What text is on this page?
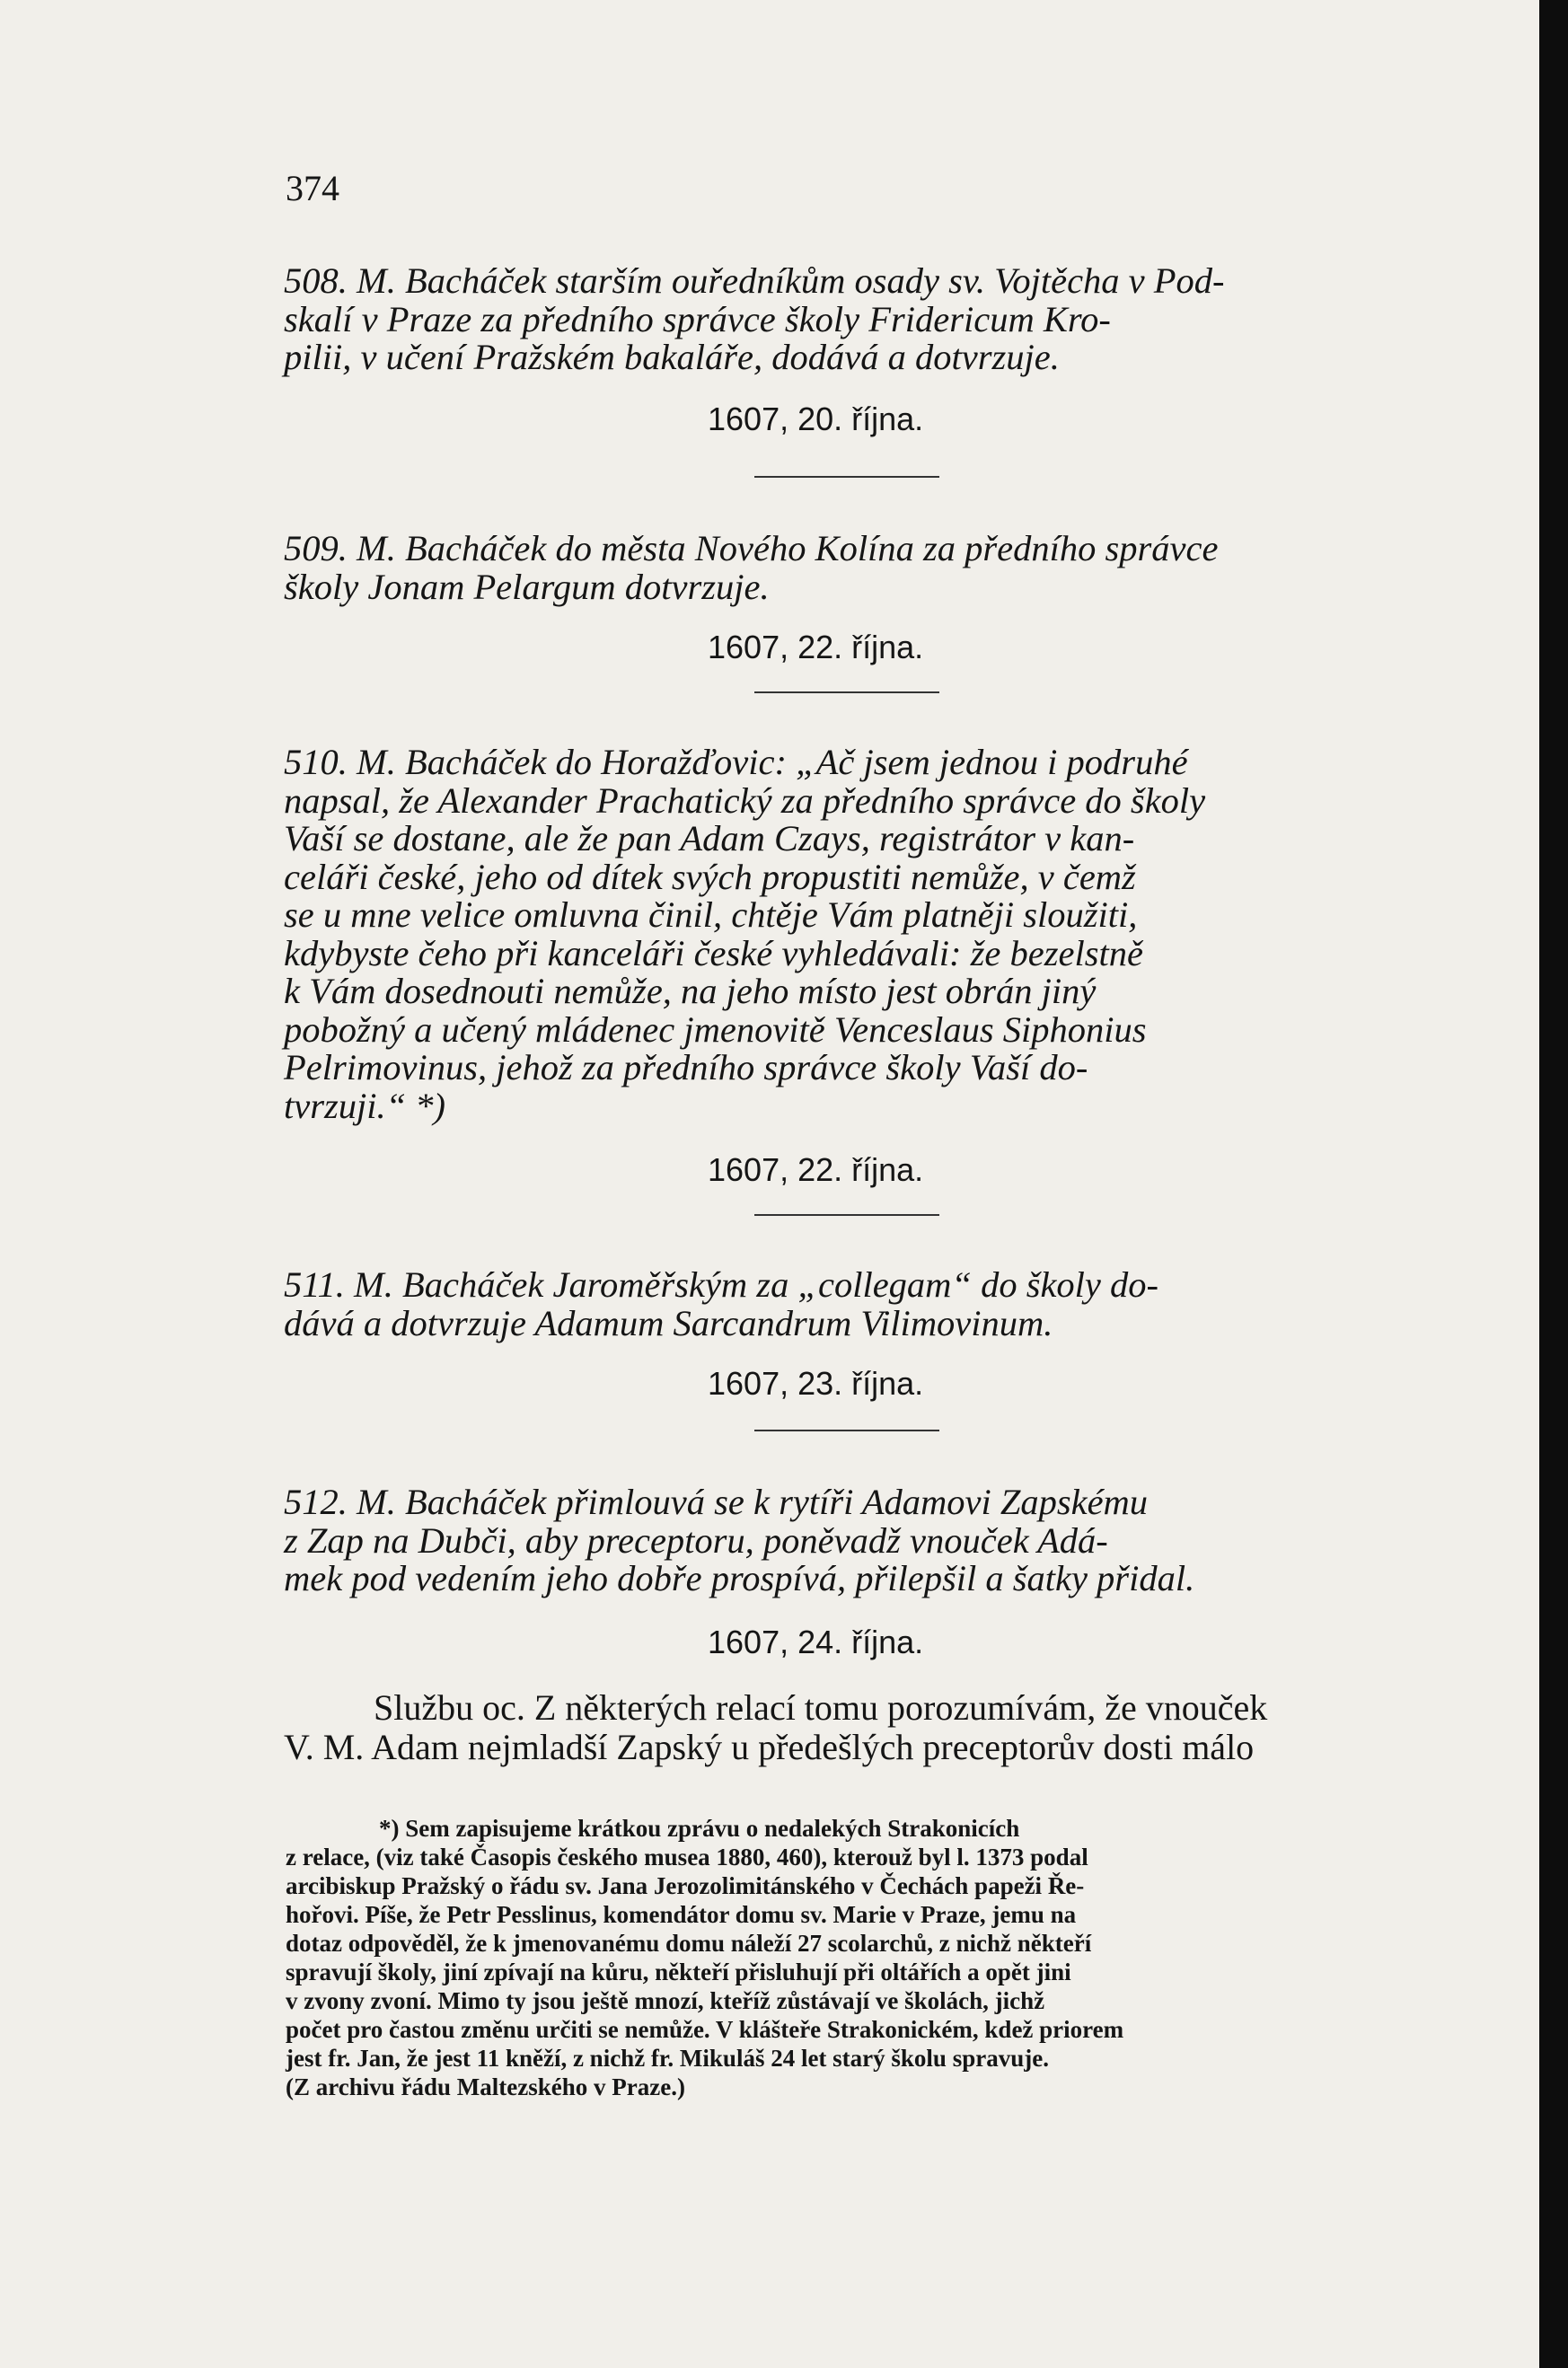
374
508. M. Bacháček starším ouředníkům osady sv. Vojtěcha v Pod-
skalí v Praze za předního správce školy Fridericum Kro-
pilii, v učení Pražském bakaláře, dodává a dotvrzuje.
1607, 20. října.
509. M. Bacháček do města Nového Kolína za předního správce
školy Jonam Pelargum dotvrzuje.
1607, 22. října.
510. M. Bacháček do Horažďovic: „Ač jsem jednou i podruhé
napsal, že Alexander Prachatický za předního správce do školy
Vaší se dostane, ale že pan Adam Czays, registrátor v kan-
celáři české, jeho od dítek svých propustiti nemůže, v čemž
se u mne velice omluvna činil, chtěje Vám platněji sloužiti,
kdybyste čeho při kanceláři české vyhledávali: že bezelstně
k Vám dosednouti nemůže, na jeho místo jest obrán jiný
pobožný a učený mládenec jmenovitě Venceslaus Siphonius
Pelrimovinus, jehož za předního správce školy Vaší do-
tvrzuji.“ *)
1607, 22. října.
511. M. Bacháček Jaroměřským za „collegam“ do školy do-
dává a dotvrzuje Adamum Sarcandrum Vilimovinum.
1607, 23. října.
512. M. Bacháček přimlouvá se k rytíři Adamovi Zapskému
z Zap na Dubči, aby preceptoru, poněvadž vnouček Adá-
mek pod vedením jeho dobře prospívá, přilepšil a šatky přidal.
1607, 24. října.
Službu oc. Z některých relací tomu porozumívám, že vnouček
V. M. Adam nejmladší Zapský u předešlých preceptorův dosti málo
*) Sem zapisujeme krátkou zprávu o nedalekých Strakonicích
z relace, (viz také Časopis českého musea 1880, 460), kterouž byl l. 1373 podal
arcibiskup Pražský o řádu sv. Jana Jerozolimitánského v Čechách papeži Ře-
hořovi. Píše, že Petr Pesslinus, komendátor domu sv. Marie v Praze, jemu na
dotaz odpověděl, že k jmenovanému domu náleží 27 scolarchů, z nichž někteří
spravují školy, jiní zpívají na kůru, někteří přisluhují při oltářích a opět jini
v zvony zvoní. Mimo ty jsou ještě mnozí, kteříž zůstávají ve školách, jichž
počet pro častou změnu určiti se nemůže. V klášteře Strakonickém, kdež priorem
jest fr. Jan, že jest 11 kněží, z nichž fr. Mikuláš 24 let starý školu spravuje.
(Z archivu řádu Maltezského v Praze.)
